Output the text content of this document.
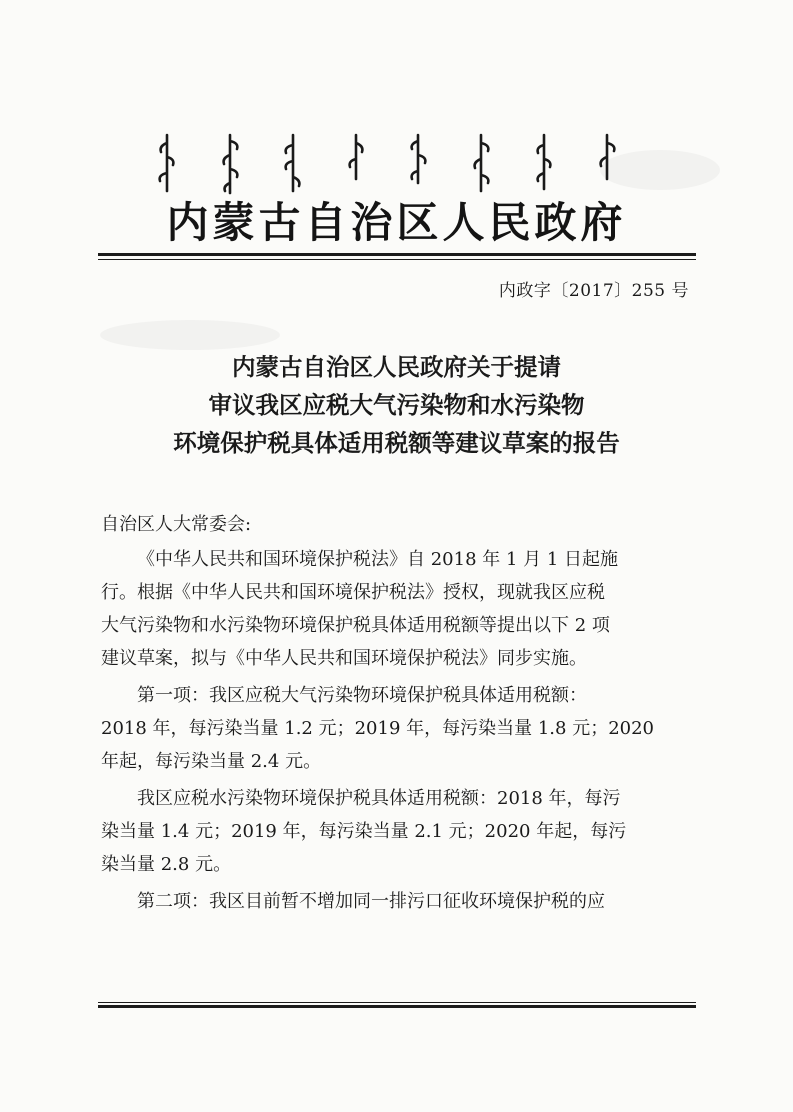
内蒙古自治区人民政府
内政字〔2017〕255 号
内蒙古自治区人民政府关于提请
审议我区应税大气污染物和水污染物
环境保护税具体适用税额等建议草案的报告
自治区人大常委会:
《中华人民共和国环境保护税法》自 2018 年 1 月 1 日起施
行。根据《中华人民共和国环境保护税法》授权，现就我区应税
大气污染物和水污染物环境保护税具体适用税额等提出以下 2 项
建议草案，拟与《中华人民共和国环境保护税法》同步实施。
第一项：我区应税大气污染物环境保护税具体适用税额：
2018 年，每污染当量 1.2 元；2019 年，每污染当量 1.8 元；2020
年起，每污染当量 2.4 元。
我区应税水污染物环境保护税具体适用税额：2018 年，每污
染当量 1.4 元；2019 年，每污染当量 2.1 元；2020 年起，每污
染当量 2.8 元。
第二项：我区目前暂不增加同一排污口征收环境保护税的应
